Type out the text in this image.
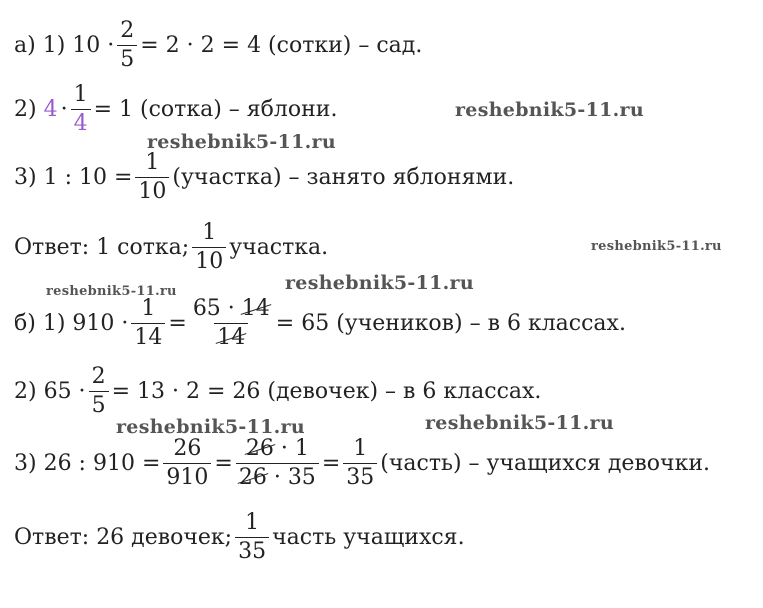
а) 1) $10 \cdot \frac{2}{5} = 2 \cdot 2 = 4$ (сотки) – сад.
2) $4 \cdot \frac{1}{4} = 1$ (сотка) – яблони.
3) 1 : $10 = \frac{1}{10}$ (участка) – занято яблонями.
Ответ: 1 сотка; $\frac{1}{10}$ участка.
б) 1) $910 \cdot \frac{1}{14} = \frac{65 \cdot 14}{14} = 65$ (учеников) – в 6 классах.
2) $65 \cdot \frac{2}{5} = 13 \cdot 2 = 26$ (девочек) – в 6 классах.
3) 26 : $910 = \frac{26}{910} = \frac{26 \cdot 1}{26 \cdot 35} = \frac{1}{35}$ (часть) – учащихся девочки.
Ответ: 26 девочек; $\frac{1}{35}$ часть учащихся.
reshebnik5-11.ru
reshebnik5-11.ru
reshebnik5-11.ru
reshebnik5-11.ru
reshebnik5-11.ru
reshebnik5-11.ru	reshebnik5-11.ru
